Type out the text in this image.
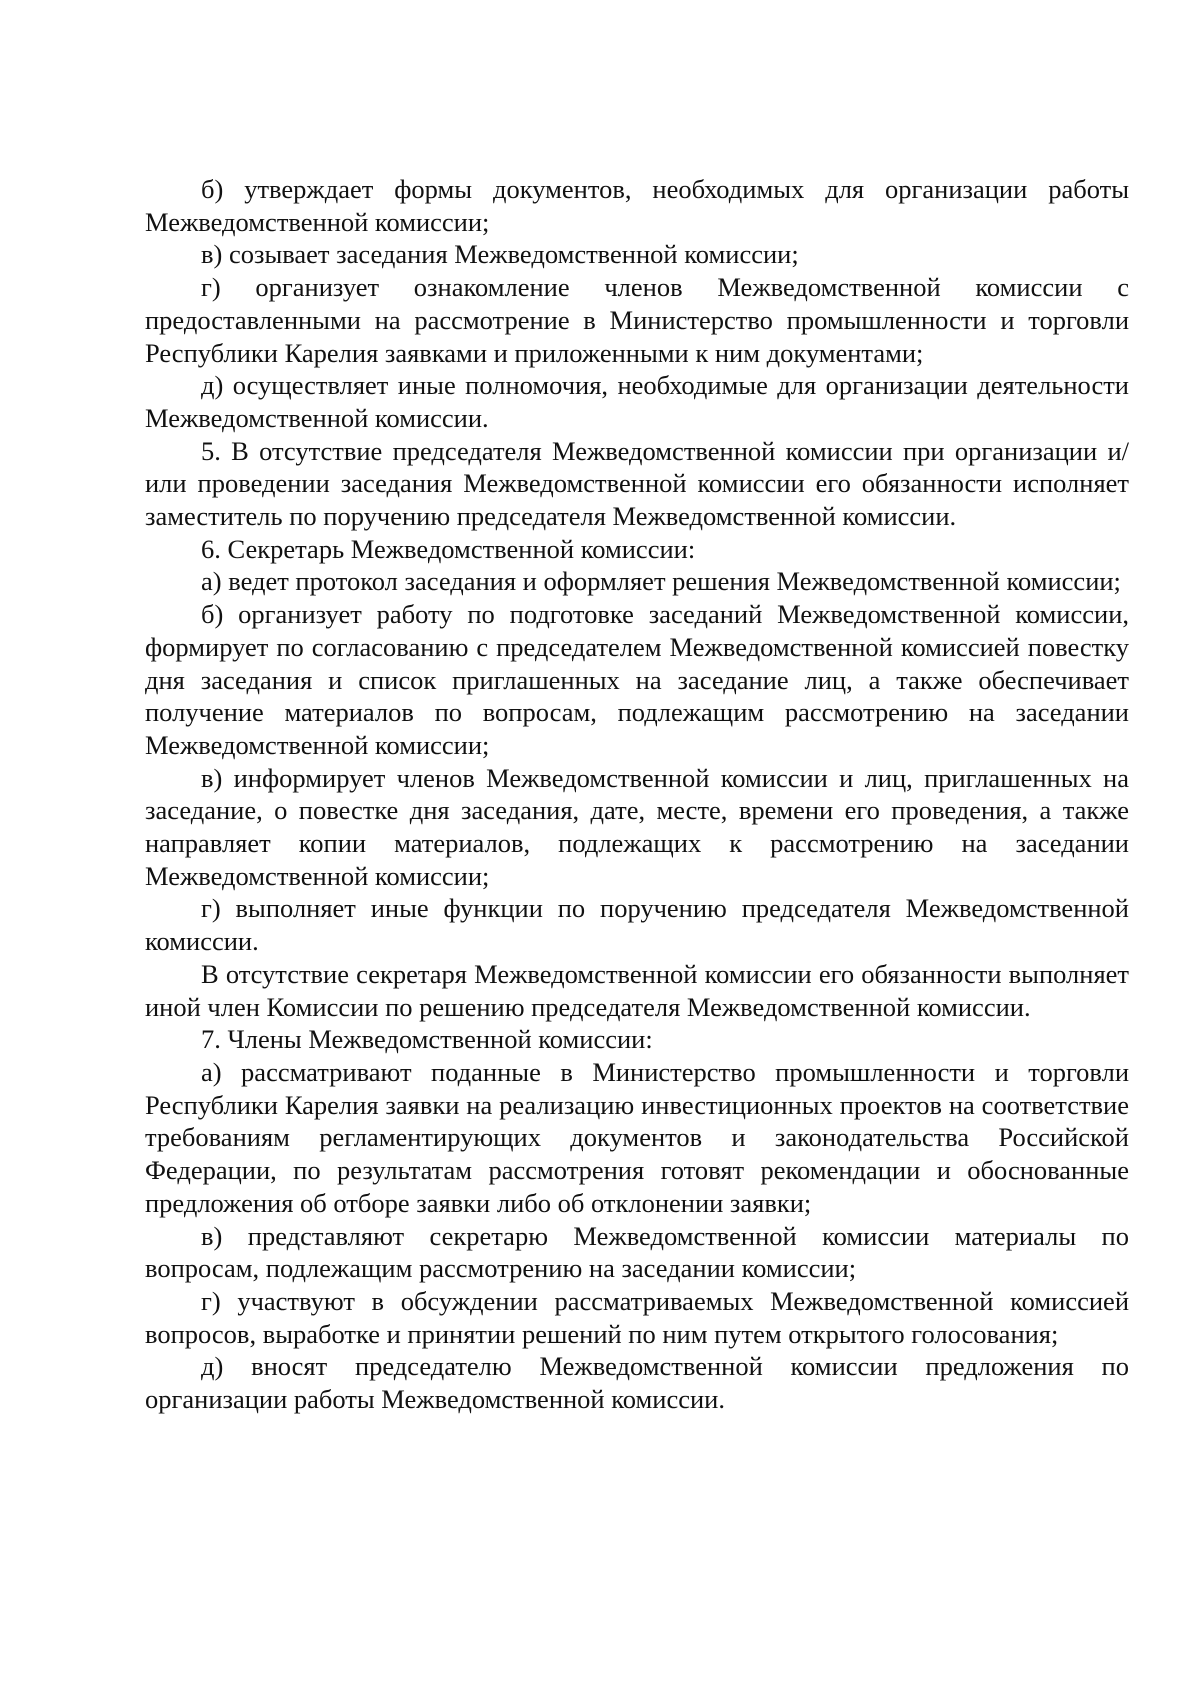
б) утверждает формы документов, необходимых для организации работы Межведомственной комиссии;

в) созывает заседания Межведомственной комиссии;

г) организует ознакомление членов Межведомственной комиссии с предоставленными на рассмотрение в Министерство промышленности и торговли Республики Карелия заявками и приложенными к ним документами;

д) осуществляет иные полномочия, необходимые для организации деятельности Межведомственной комиссии.

5. В отсутствие председателя Межведомственной комиссии при организации и/или проведении заседания Межведомственной комиссии его обязанности исполняет заместитель по поручению председателя Межведомственной комиссии.

6. Секретарь Межведомственной комиссии:

а) ведет протокол заседания и оформляет решения Межведомственной комиссии;

б) организует работу по подготовке заседаний Межведомственной комиссии, формирует по согласованию с председателем Межведомственной комиссией повестку дня заседания и список приглашенных на заседание лиц, а также обеспечивает получение материалов по вопросам, подлежащим рассмотрению на заседании Межведомственной комиссии;

в) информирует членов Межведомственной комиссии и лиц, приглашенных на заседание, о повестке дня заседания, дате, месте, времени его проведения, а также направляет копии материалов, подлежащих к рассмотрению на заседании Межведомственной комиссии;

г) выполняет иные функции по поручению председателя Межведомственной комиссии.

В отсутствие секретаря Межведомственной комиссии его обязанности выполняет иной член Комиссии по решению председателя Межведомственной комиссии.

7. Члены Межведомственной комиссии:

а) рассматривают поданные в Министерство промышленности и торговли Республики Карелия заявки на реализацию инвестиционных проектов на соответствие требованиям регламентирующих документов и законодательства Российской Федерации, по результатам рассмотрения готовят рекомендации и обоснованные предложения об отборе заявки либо об отклонении заявки;

в) представляют секретарю Межведомственной комиссии материалы по вопросам, подлежащим рассмотрению на заседании комиссии;

г) участвуют в обсуждении рассматриваемых Межведомственной комиссией вопросов, выработке и принятии решений по ним путем открытого голосования;

д) вносят председателю Межведомственной комиссии предложения по организации работы Межведомственной комиссии.
